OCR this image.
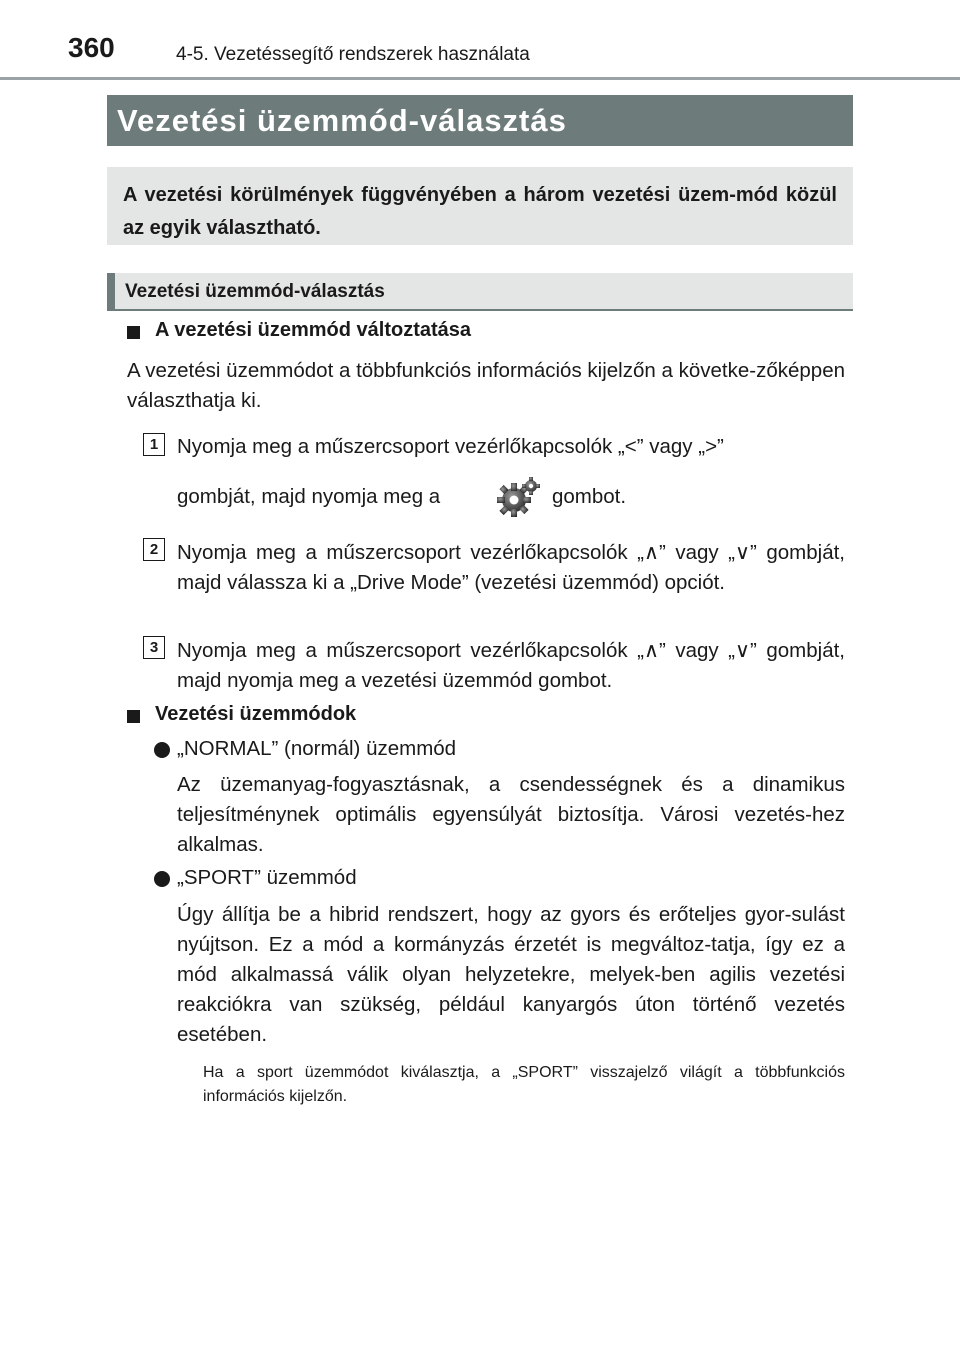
360	4-5. Vezetéssegítő rendszerek használata
Vezetési üzemmód-választás
A vezetési körülmények függvényében a három vezetési üzem-mód közül az egyik választható.
Vezetési üzemmód-választás
A vezetési üzemmód változtatása
A vezetési üzemmódot a többfunkciós információs kijelzőn a követke-zőképpen választhatja ki.
1 Nyomja meg a műszercsoport vezérlőkapcsolók „<” vagy „>”
gombját, majd nyomja meg a	gombot.
2 Nyomja meg a műszercsoport vezérlőkapcsolók „∧” vagy „∨” gombját, majd válassza ki a „Drive Mode” (vezetési üzemmód) opciót.
3 Nyomja meg a műszercsoport vezérlőkapcsolók „∧” vagy „∨” gombját, majd nyomja meg a vezetési üzemmód gombot.
Vezetési üzemmódok
„NORMAL” (normál) üzemmód
Az üzemanyag-fogyasztásnak, a csendességnek és a dinamikus teljesítménynek optimális egyensúlyát biztosítja. Városi vezetés-hez alkalmas.
„SPORT” üzemmód
Úgy állítja be a hibrid rendszert, hogy az gyors és erőteljes gyor-sulást nyújtson. Ez a mód a kormányzás érzetét is megváltoz-tatja, így ez a mód alkalmassá válik olyan helyzetekre, melyek-ben agilis vezetési reakciókra van szükség, például kanyargós úton történő vezetés esetében.
Ha a sport üzemmódot kiválasztja, a „SPORT” visszajelző világít a többfunkciós információs kijelzőn.
